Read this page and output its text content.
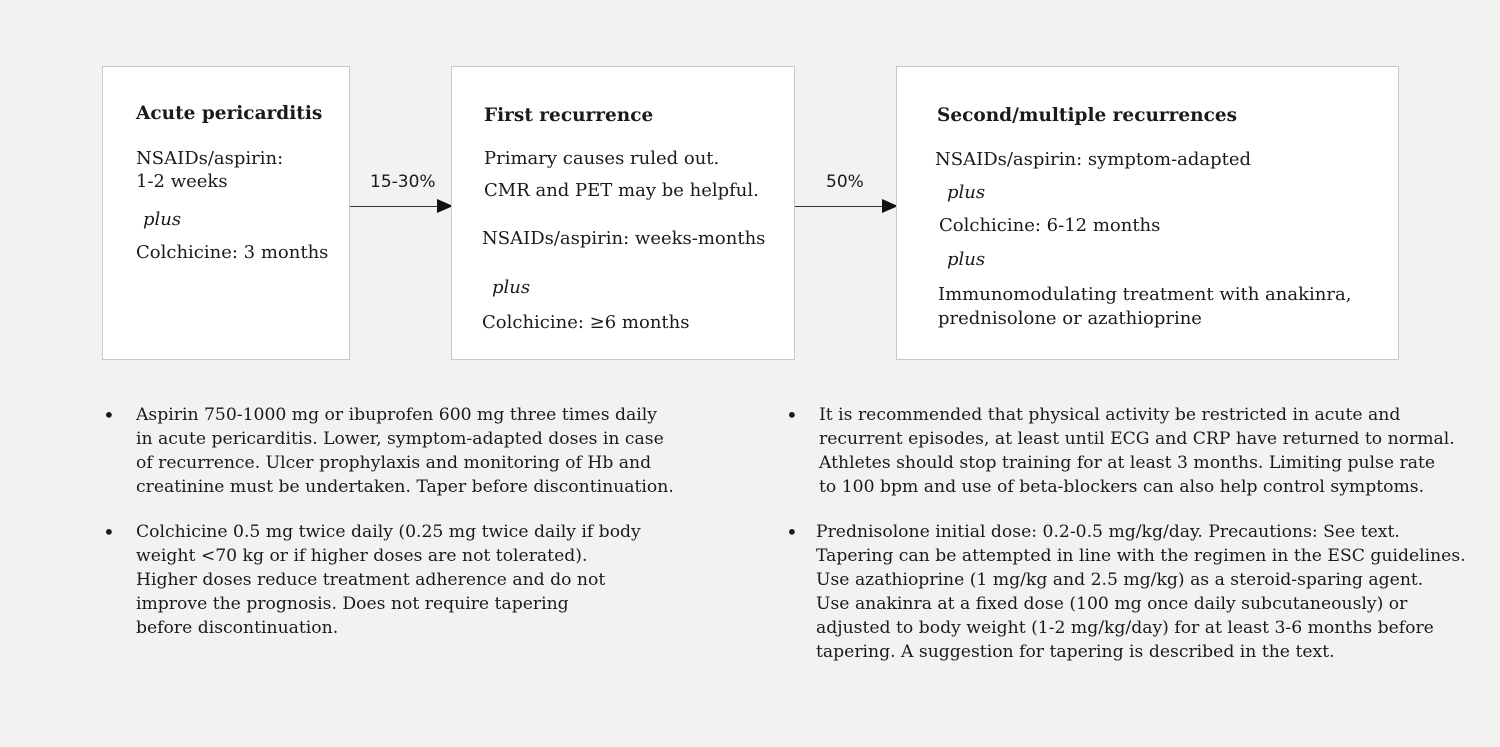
Acute pericarditis
NSAIDs/aspirin:
1-2 weeks
plus
Colchicine: 3 months
15-30%
First recurrence
Primary causes ruled out.
CMR and PET may be helpful.
NSAIDs/aspirin: weeks-months
plus
Colchicine: ≥6 months
50%
Second/multiple recurrences
NSAIDs/aspirin: symptom-adapted
plus
Colchicine: 6-12 months
plus
Immunomodulating treatment with anakinra,
prednisolone or azathioprine
• Aspirin 750-1000 mg or ibuprofen 600 mg three times daily
in acute pericarditis. Lower, symptom-adapted doses in case
of recurrence. Ulcer prophylaxis and monitoring of Hb and
creatinine must be undertaken. Taper before discontinuation.
• Colchicine 0.5 mg twice daily (0.25 mg twice daily if body
weight <70 kg or if higher doses are not tolerated).
Higher doses reduce treatment adherence and do not
improve the prognosis. Does not require tapering
before discontinuation.
• It is recommended that physical activity be restricted in acute and
recurrent episodes, at least until ECG and CRP have returned to normal.
Athletes should stop training for at least 3 months. Limiting pulse rate
to 100 bpm and use of beta-blockers can also help control symptoms.
• Prednisolone initial dose: 0.2-0.5 mg/kg/day. Precautions: See text.
Tapering can be attempted in line with the regimen in the ESC guidelines.
Use azathioprine (1 mg/kg and 2.5 mg/kg) as a steroid-sparing agent.
Use anakinra at a fixed dose (100 mg once daily subcutaneously) or
adjusted to body weight (1-2 mg/kg/day) for at least 3-6 months before
tapering. A suggestion for tapering is described in the text.
